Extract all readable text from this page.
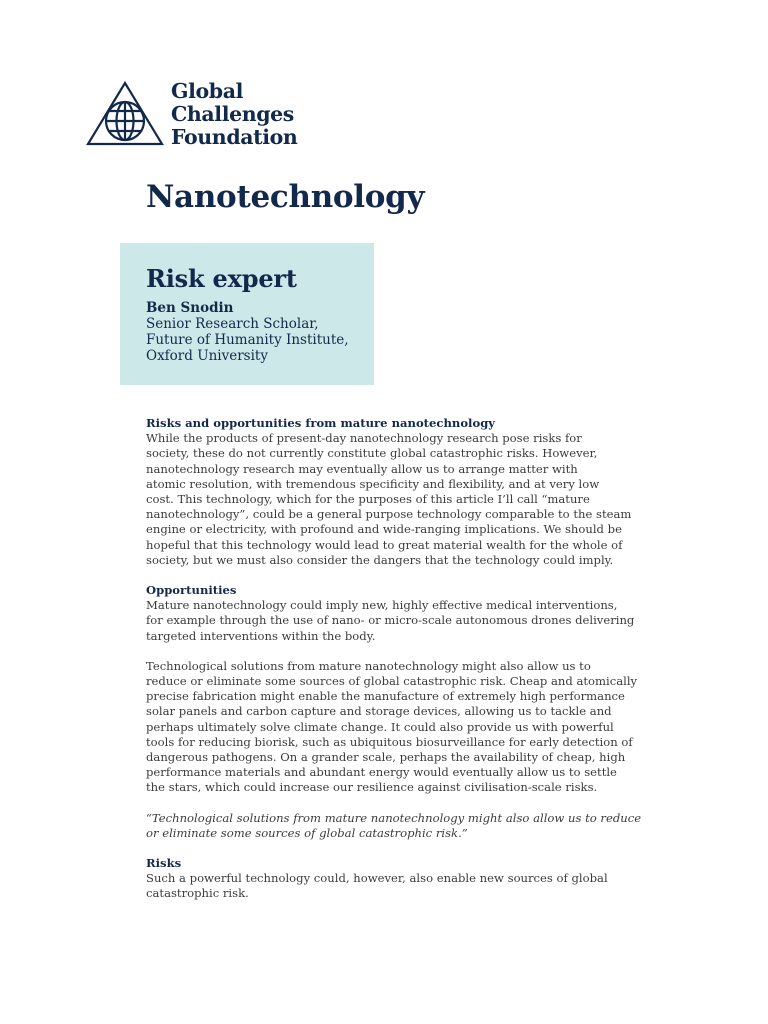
Global
Challenges
Foundation
Nanotechnology
Risk expert
Ben Snodin
Senior Research Scholar,
Future of Humanity Institute,
Oxford University
Risks and opportunities from mature nanotechnology
While the products of present-day nanotechnology research pose risks for
society, these do not currently constitute global catastrophic risks. However,
nanotechnology research may eventually allow us to arrange matter with
atomic resolution, with tremendous specificity and flexibility, and at very low
cost. This technology, which for the purposes of this article I’ll call “mature
nanotechnology”, could be a general purpose technology comparable to the steam
engine or electricity, with profound and wide-ranging implications. We should be
hopeful that this technology would lead to great material wealth for the whole of
society, but we must also consider the dangers that the technology could imply.
Opportunities
Mature nanotechnology could imply new, highly effective medical interventions,
for example through the use of nano- or micro-scale autonomous drones delivering
targeted interventions within the body.
Technological solutions from mature nanotechnology might also allow us to
reduce or eliminate some sources of global catastrophic risk. Cheap and atomically
precise fabrication might enable the manufacture of extremely high performance
solar panels and carbon capture and storage devices, allowing us to tackle and
perhaps ultimately solve climate change. It could also provide us with powerful
tools for reducing biorisk, such as ubiquitous biosurveillance for early detection of
dangerous pathogens. On a grander scale, perhaps the availability of cheap, high
performance materials and abundant energy would eventually allow us to settle
the stars, which could increase our resilience against civilisation-scale risks.
“Technological solutions from mature nanotechnology might also allow us to reduce
or eliminate some sources of global catastrophic risk.”
Risks
Such a powerful technology could, however, also enable new sources of global
catastrophic risk.
